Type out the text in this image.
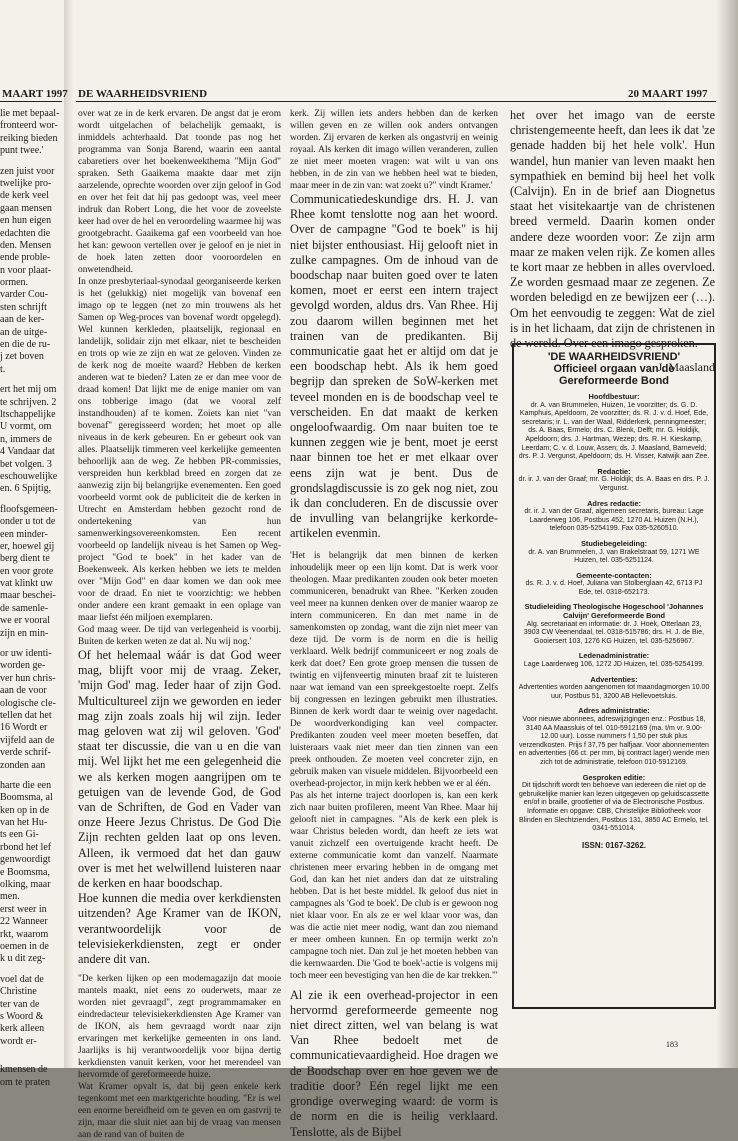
MAART 1997
lie met bepaal-
fronteerd wor-
reiking bieden
punt twee.'
zen juist voor
twelijke pro-
de kerk veel
gaan mensen
en hun eigen
edachten die
den. Mensen
ende proble-
n voor plaat-
ormen.
varder Cou-
sten schrijft
aan de ker-
an de uitge-
en die de ru-
j zet boven
t.
ert het mij om
te schrijven. 2
ltschappelijke
U vormt, om
n, immers de
4 Vandaar dat
bet volgen. 3
eschouwelijke
en. 6 Spijtig,
floofsgemeen-
onder u tot de
een minder-
er, hoewel gij
berg dient te
en voor grote
vat klinkt uw
maar beschei-
de samenle-
we er vooral
zijn en min-
or uw identi-
worden ge-
ver hun chris-
aan de voor
ologische cle-
tellen dat het
16 Wordt er
vijfeld aan de
verde schrif-
zonden aan
harte die een
Boomsma, al
ken op in de
van het Hu-
ts een Gi-
rbond het lef
genwoordigt
e Boomsma,
olking, maar
men.
erst weer in
22 Wanneer
rkt, waarom
oemen in de
k u dit zeg-
voel dat de
Christine
ter van de
s Woord &
kerk alleen
wordt er-
kmensen de
om te praten
DE WAARHEIDSVRIEND	20 MAART 1997

over wat ze in de kerk ervaren. De angst dat je erom wordt uitgelachen of belachelijk gemaakt, is inmiddels achterhaald. Dat toonde pas nog het programma van Sonja Barend, waarin een aantal cabaretiers over het boekenweekthema "Mijn God" spraken. Seth Gaaikema maakte daar met zijn aarzelende, oprechte woorden over zijn geloof in God en over het feit dat hij pas gedoopt was, veel meer indruk dan Robert Long, die het voor de zoveelste keer had over de hel en veroordeling waarmee hij was grootgebracht. Gaaikema gaf een voorbeeld van hoe het kan: gewoon vertellen over je geloof en je niet in de hoek laten zetten door vooroordelen en onwetendheid.

In onze presbyteriaal-synodaal georganiseerde kerken is het (gelukkig) niet mogelijk van bovenaf een imago op te leggen (net zo min trouwens als het Samen op Weg-proces van bovenaf wordt opgelegd). Wel kunnen kerkleden, plaatselijk, regionaal en landelijk, solidair zijn met elkaar, niet te bescheiden en trots op wie ze zijn en wat ze geloven. Vinden ze de kerk nog de moeite waard? Hebben de kerken anderen wat te bieden? Laten ze er dan mee voor de draad komen! Dat lijkt me de enige manier om van ons tobberige imago (dat we vooral zelf instandhouden) af te komen. Zoiets kan niet "van bovenaf" geregisseerd worden; het moet op alle niveaus in de kerk gebeuren. En er gebeurt ook van alles. Plaatselijk timmeren veel kerkelijke gemeenten behoorlijk aan de weg. Ze hebben PR-commissies, verspreiden hun kerkblad breed en zorgen dat ze aanwezig zijn bij belangrijke evenementen. Een goed voorbeeld vormt ook de publiciteit die de kerken in Utrecht en Amsterdam hebben gezocht rond de ondertekening van hun samenwerkingsovereenkomsten. Een recent voorbeeld op landelijk niveau is het Samen op Weg-project "God te boek" in het kader van de Boekenweek. Als kerken hebben we iets te melden over "Mijn God" en daar komen we dan ook mee voor de draad. En niet te voorzichtig: we hebben onder andere een krant gemaakt in een oplage van maar liefst één miljoen exemplaren.

God maag weer. De tijd van verlegenheid is voorbij. Buiten de kerken weten ze dat al. Nu wij nog.'

Of het helemaal wáár is dat God weer mag, blijft voor mij de vraag. Zeker, 'mijn God' mag. Ieder haar of zijn God. Multicultureel zijn we geworden en ieder mag zijn zoals zoals hij wil zijn. Ieder mag geloven wat zij wil geloven. 'God' staat ter discussie, die van u en die van mij. Wel lijkt het me een gelegenheid die we als kerken mogen aangrijpen om te getuigen van de levende God, de God van de Schriften, de God en Vader van onze Heere Jezus Christus. De God Die Zijn rechten gelden laat op ons leven. Alleen, ik vermoed dat het dan gauw over is met het welwillend luisteren naar de kerken en haar boodschap.
Hoe kunnen die media over kerkdiensten uitzenden? Age Kramer van de IKON, verantwoordelijk voor de televisiekerkdiensten, zegt er onder andere dit van.

"De kerken lijken op een modemagazijn dat mooie mantels maakt, niet eens zo ouderwets, maar ze worden niet gevraagd", zegt programmamaker en eindredacteur televisiekerkdiensten Age Kramer van de IKON, als hem gevraagd wordt naar zijn ervaringen met kerkelijke gemeenten in ons land. Jaarlijks is hij verantwoordelijk voor bijna dertig kerkdiensten vanuit kerken, voor het merendeel van hervormde of gereformeerde huize.

Wat Kramer opvalt is, dat bij geen enkele kerk tegenkomt met een marktgerichte houding. "Er is wel een enorme bereidheid om te geven en om gastvrij te zijn, maar die sluit niet aan bij de vraag van mensen aan de rand van of buiten de

kerk. Zij willen iets anders hebben dan de kerken willen geven en ze willen ook anders ontvangen worden. Zij ervaren de kerken als ongastvrij en weinig royaal. Als kerken dit imago willen veranderen, zullen ze niet meer moeten vragen: wat wilt u van ons hebben, in de zin van we hebben heel wat te bieden, maar meer in de zin van: wat zoekt u?" vindt Kramer.'

Communicatiedeskundige drs. H. J. van Rhee komt tenslotte nog aan het woord. Over de campagne "God te boek" is hij niet bijster enthousiast. Hij gelooft niet in zulke campagnes. Om de inhoud van de boodschap naar buiten goed over te laten komen, moet er eerst een intern traject gevolgd worden, aldus drs. Van Rhee. Hij zou daarom willen beginnen met het trainen van de predikanten. Bij communicatie gaat het er altijd om dat je een boodschap hebt. Als ik hem goed begrijp dan spreken de SoW-kerken met teveel monden en is de boodschap veel te verscheiden. En dat maakt de kerken ongeloofwaardig. Om naar buiten toe te kunnen zeggen wie je bent, moet je eerst naar binnen toe het er met elkaar over eens zijn wat je bent. Dus de grondslagdiscussie is zo gek nog niet, zou ik dan concluderen. En de discussie over de invulling van belangrijke kerkorde-artikelen evenmin.

'Het is belangrijk dat men binnen de kerken inhoudelijk meer op een lijn komt. Dat is werk voor theologen. Maar predikanten zouden ook beter moeten communiceren, benadrukt van Rhee. "Kerken zouden veel meer na kunnen denken over de manier waarop ze intern communiceren. En dan met name in de samenkomsten op zondag, want die zijn niet meer van deze tijd. De vorm is de norm en die is heilig verklaard. Welk bedrijf communiceert er nog zoals de kerk dat doet? Een grote groep mensen die tussen de twintig en vijfenveertig minuten braaf zit te luisteren naar wat iemand van een spreekgestoelte roept. Zelfs bij congressen en lezingen gebruikt men illustraties. Binnen de kerk wordt daar te weinig over nagedacht. De woordverkondiging kan veel compacter. Predikanten zouden veel meer moeten beseffen, dat luisteraars vaak niet meer dan tien zinnen van een preek onthouden. Ze moeten veel concreter zijn, en gebruik maken van visuele middelen. Bijvoorbeeld een overhead-projector, in mijn kerk hebben we er al één.

Pas als het interne traject doorlopen is, kan een kerk zich naar buiten profileren, meent Van Rhee. Maar hij gelooft niet in campagnes. "Als de kerk een plek is waar Christus beleden wordt, dan heeft ze iets wat vanuit zichzelf een overtuigende kracht heeft. De externe communicatie komt dan vanzelf. Naarmate christenen meer ervaring hebben in de omgang met God, dan kan het niet anders dan dat ze uitstraling hebben. Dat is het beste middel. Ik geloof dus niet in campagnes als 'God te boek'. De club is er gewoon nog niet klaar voor. En als ze er wel klaar voor was, dan was die actie niet meer nodig, want dan zou niemand er meer omheen kunnen. En op termijn werkt zo'n campagne toch niet. Dan zul je het moeten hebben van die kernwaarden. Die 'God te boek'-actie is volgens mij toch meer een bevestiging van hen die de kar trekken."'

Al zie ik een overhead-projector in een hervormd gereformeerde gemeente nog niet direct zitten, wel van belang is wat Van Rhee bedoelt met de communicatievaardigheid. Hoe dragen we de Boodschap over en hoe geven we de traditie door? Eén regel lijkt me een grondige overweging waard: de vorm is de norm en die is heilig verklaard. Tenslotte, als de Bijbel

het over het imago van de eerste christengemeente heeft, dan lees ik dat 'ze genade hadden bij het hele volk'. Hun wandel, hun manier van leven maakt hen sympathiek en bemind bij heel het volk (Calvijn). En in de brief aan Diognetus staat het visitekaartje van de christenen breed vermeld. Daarin komen onder andere deze woorden voor: Ze zijn arm maar ze maken velen rijk. Ze komen alles te kort maar ze hebben in alles overvloed. Ze worden gesmaad maar ze zegenen. Ze worden beledigd en ze bewijzen eer (…). Om het eenvoudig te zeggen: Wat de ziel is in het lichaam, dat zijn de christenen in de wereld. Over een imago gesproken.

J. Maasland
'DE WAARHEIDSVRIEND'
Officieel orgaan van de Gereformeerde Bond
Hoofdbestuur:
dr. A. van Brummelen, Huizen, 1e voorzitter; ds. G. D. Kamphuis, Apeldoorn, 2e voorzitter; ds. R. J. v. d. Hoef, Ede, secretaris; ir. L. van der Waal, Ridderkerk, penningmeester; ds. A. Baas, Ermelo; drs. C. Blenk, Delft; mr. G. Holdijk, Apeldoorn; drs. J. Hartman, Wezep; drs. R. H. Kieskamp, Leerdam; C. v. d. Louw, Assen; ds. J. Maasland, Barneveld; drs. P. J. Vergunst, Apeldoorn; ds. H. Visser, Katwijk aan Zee.
Redactie:
dr. ir. J. van der Graaf; mr. G. Holdijk; ds. A. Baas en drs. P. J. Vergunst.
Adres redactie:
dr. ir. J. van der Graaf, algemeen secretaris, bureau: Lage Laarderweg 106, Postbus 452, 1270 AL Huizen (N.H.), telefoon 035-5254199. Fax 035-5260510.
Studiebegeleiding:
dr. A. van Brummelen, J. van Brakelstraat 59, 1271 WE Huizen, tel. 035-5251124.
Gemeente-contacten:
ds. R. J. v. d. Hoef, Juliana van Stolberglaan 42, 6713 PJ Ede, tel. 0318-652173.
Studieleiding Theologische Hogeschool 'Johannes Calvijn' Gereformeerde Bond
Alg. secretariaat en informatie: dr. J. Hoek, Otterlaan 23, 3903 CW Veenendaal, tel. 0318-515786; drs. H. J. de Bie, Gooiersert 103, 1276 KG Huizen, tel. 035-5256967.
Ledenadministratie:
Lage Laarderweg 106, 1272 JD Huizen, tel. 035-5254199.
Advertenties:
Advertenties worden aangenomen tot maandagmorgen 10.00 uur, Postbus 51, 3200 AB Hellevoetsluis.
Adres administratie:
Voor nieuwe abonnees, adreswijzigingen enz.: Postbus 18, 3140 AA Maassluis of tel. 010-5912169 (ma. t/m vr. 9.00-12.00 uur). Losse nummers f 1,50 per stuk plus verzendkosten. Prijs f 37,75 per halfjaar. Voor abonnementen en advertenties (66 ct. per mm, bij contract lager) wende men zich tot de administratie, telefoon 010-5912169.
Gesproken editie:
Dit tijdschrift wordt ten behoeve van iedereen die niet op de gebruikelijke manier kan lezen uitgegeven op geluidscassette en/of in braille, grootletter of via de Electronische Postbus. Informatie en opgave: CBB, Christelijke Bibliotheek voor Blinden en Slechtzienden, Postbus 131, 3850 AC Ermelo, tel. 0341-551014.
ISSN: 0167-3262.
183
